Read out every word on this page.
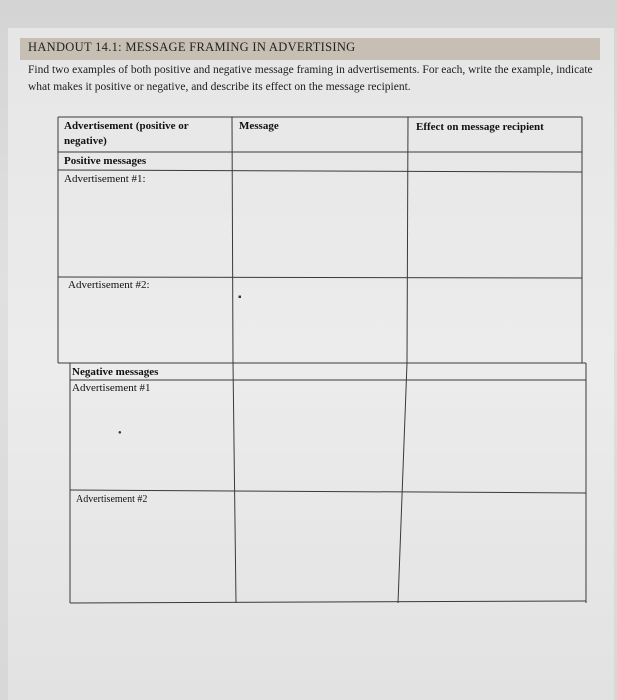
HANDOUT 14.1: MESSAGE FRAMING IN ADVERTISING
Find two examples of both positive and negative message framing in advertisements. For each, write the example, indicate what makes it positive or negative, and describe its effect on the message recipient.
Advertisement (positive or
negative)
Message	Effect on message recipient
Positive messages
Advertisement #1:
Advertisement #2:
Negative messages
Advertisement #1
Advertisement #2
▪
●
